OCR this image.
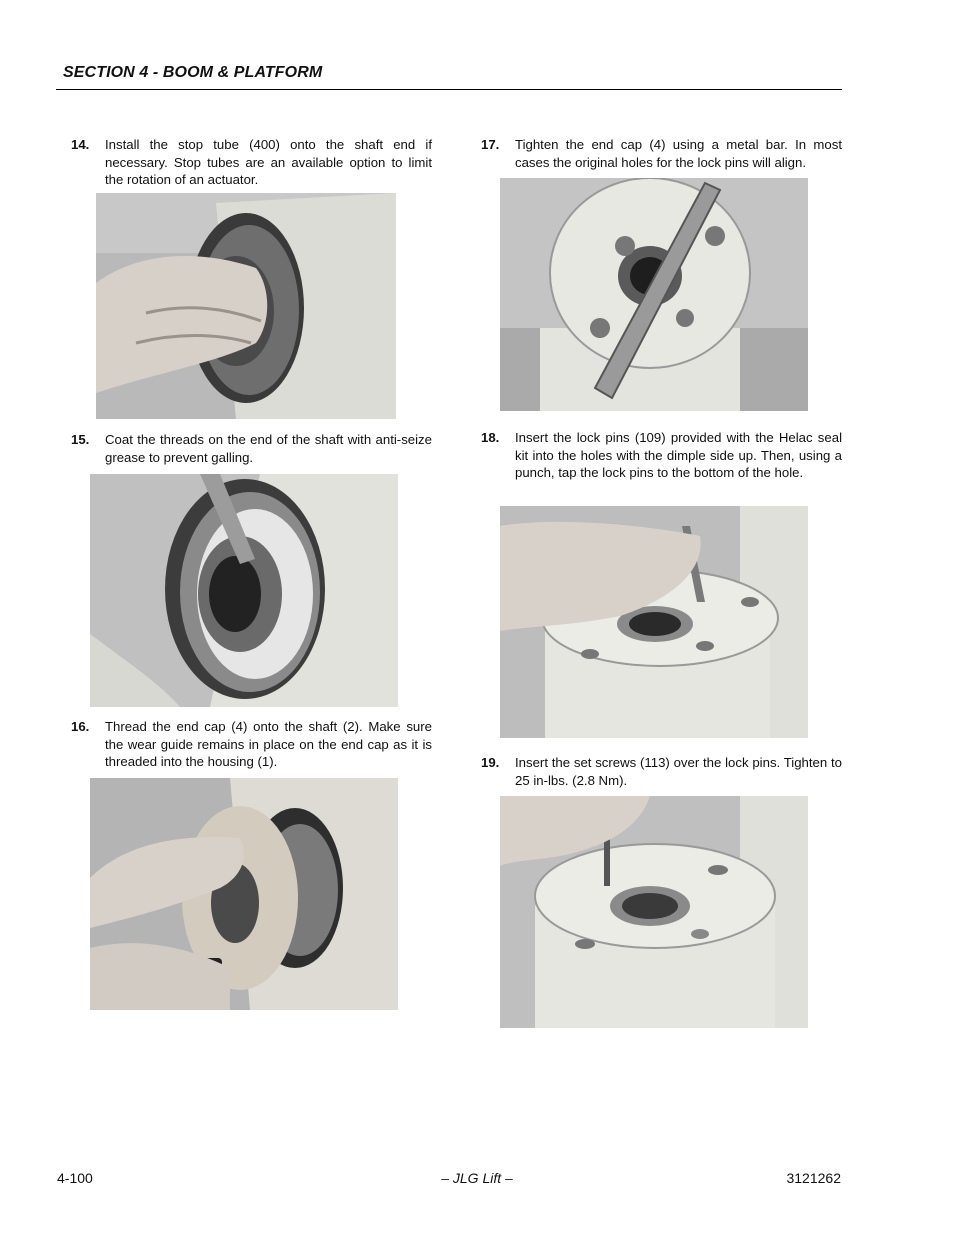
SECTION 4 - BOOM & PLATFORM
14. Install the stop tube (400) onto the shaft end if necessary. Stop tubes are an available option to limit the rotation of an actuator.
15. Coat the threads on the end of the shaft with anti-seize grease to prevent galling.
16. Thread the end cap (4) onto the shaft (2). Make sure the wear guide remains in place on the end cap as it is threaded into the housing (1).
17. Tighten the end cap (4) using a metal bar. In most cases the original holes for the lock pins will align.
18. Insert the lock pins (109) provided with the Helac seal kit into the holes with the dimple side up. Then, using a punch, tap the lock pins to the bottom of the hole.
19. Insert the set screws (113) over the lock pins. Tighten to 25 in-lbs. (2.8 Nm).
4-100	– JLG Lift –	3121262
